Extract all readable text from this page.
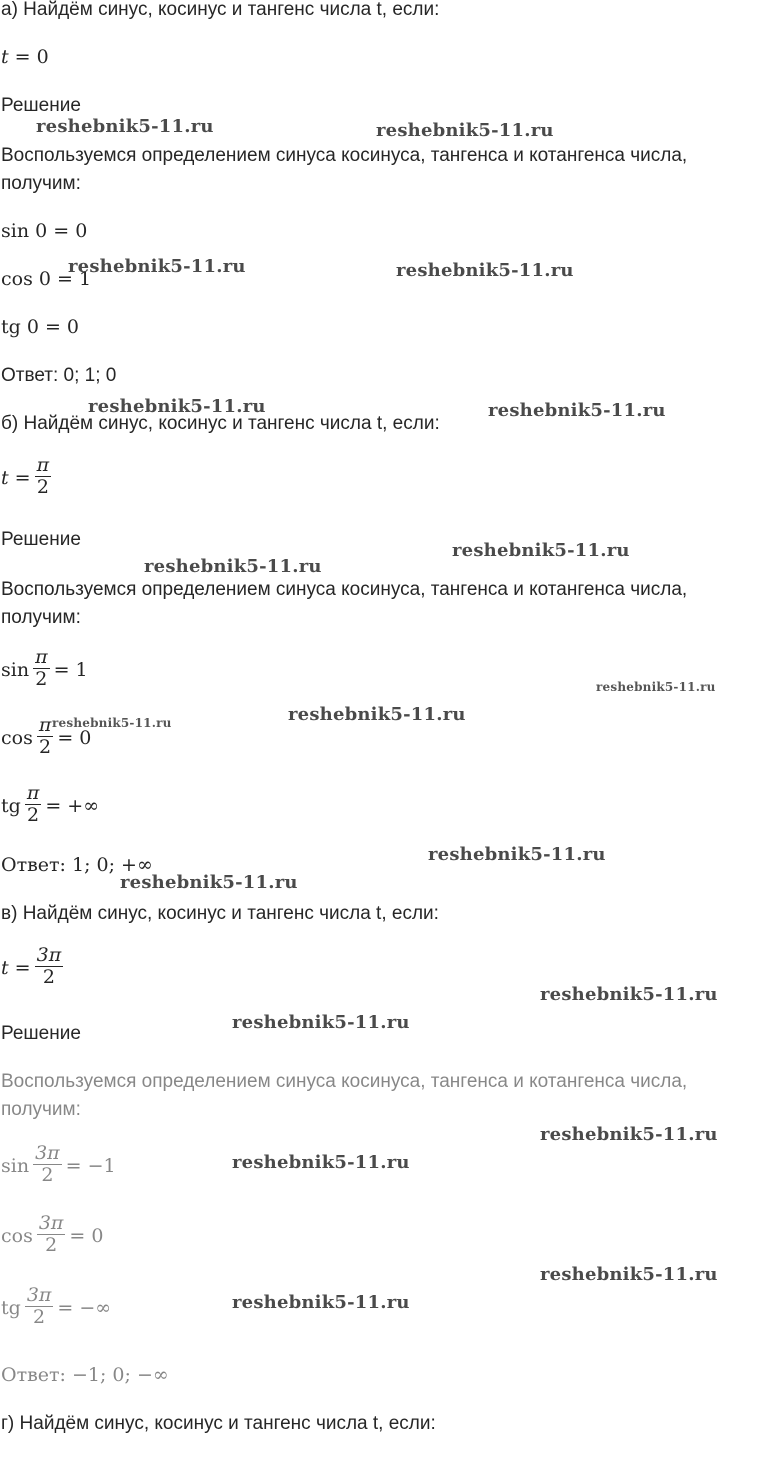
а) Найдём синус, косинус и тангенс числа t, если:
t = 0
Решение
Воспользуемся определением синуса косинуса, тангенса и котангенса числа,
получим:
sin 0 = 0
cos 0 = 1
tg 0 = 0
Ответ: 0; 1; 0
б) Найдём синус, косинус и тангенс числа t, если:
$t = \frac{\pi}{2}$
Решение
Воспользуемся определением синуса косинуса, тангенса и котангенса числа,
получим:
$\sin \frac{\pi}{2} = 1$
$\cos \frac{\pi}{2} = 0$
tg $\frac{\pi}{2}$ = +∞
Ответ: 1; 0; +∞
в) Найдём синус, косинус и тангенс числа t, если:
$t = \frac{3\pi}{2}$
Решение
Воспользуемся определением синуса косинуса, тангенса и котангенса числа,
получим:
$\sin \frac{3\pi}{2} = -1$
$\cos \frac{3\pi}{2} = 0$
tg $\frac{3\pi}{2}$ = −∞
Ответ: −1; 0; −∞
г) Найдём синус, косинус и тангенс числа t, если:
reshebnik5-11.ru	reshebnik5-11.ru
reshebnik5-11.ru	reshebnik5-11.ru
reshebnik5-11.ru	reshebnik5-11.ru
reshebnik5-11.ru
reshebnik5-11.ru
reshebnik5-11.ru
reshebnik5-11.ru	reshebnik5-11.ru
reshebnik5-11.ru
reshebnik5-11.ru
reshebnik5-11.ru
reshebnik5-11.ru
reshebnik5-11.ru
reshebnik5-11.ru
reshebnik5-11.ru
reshebnik5-11.ru
